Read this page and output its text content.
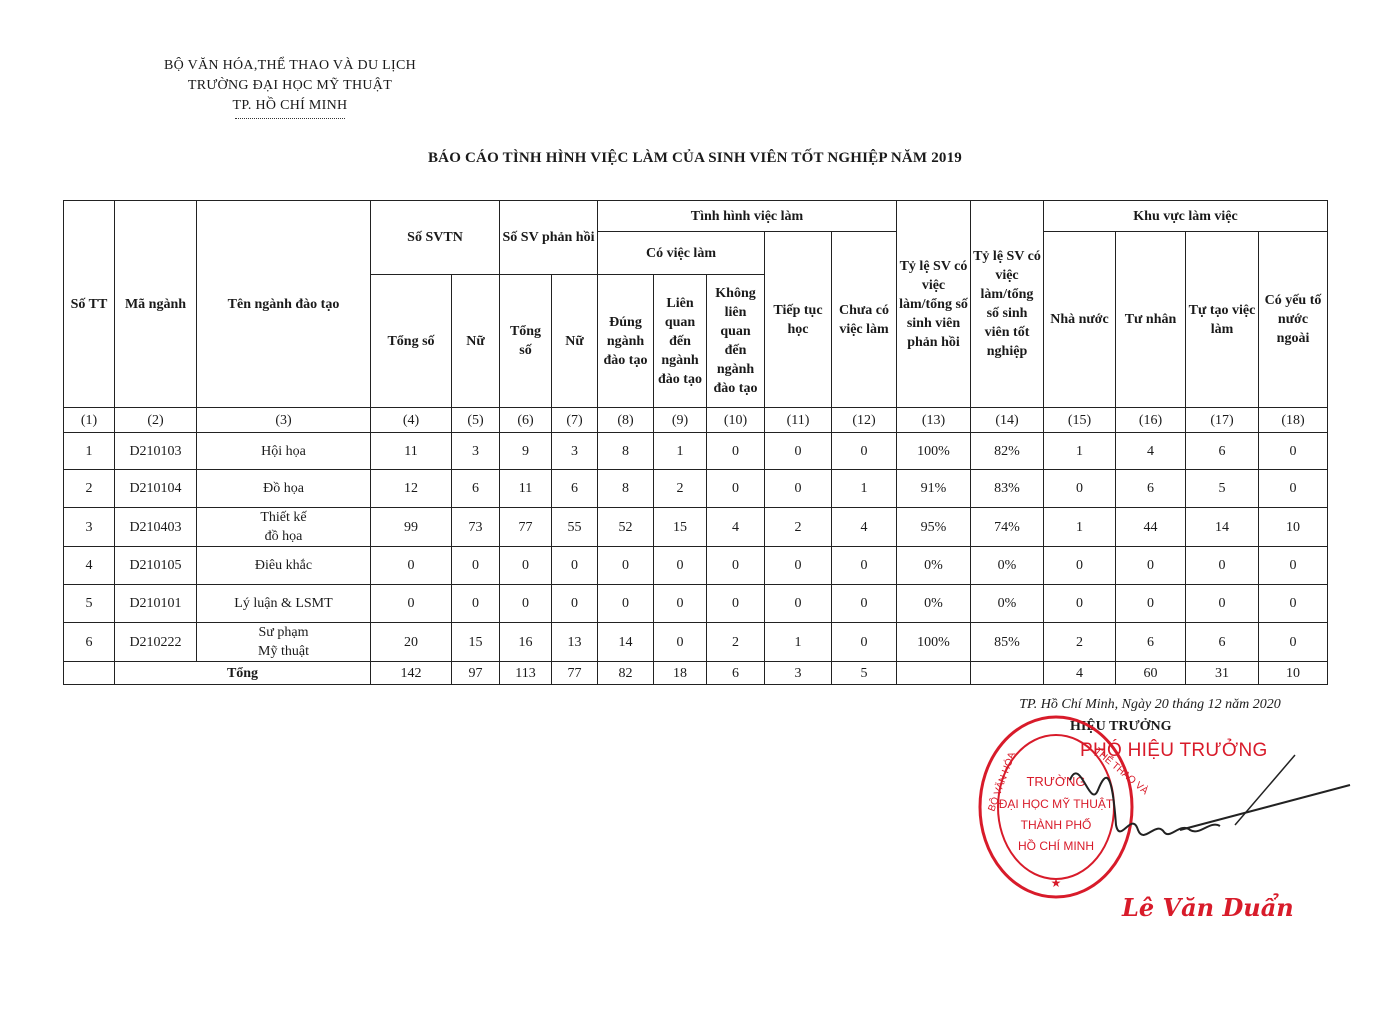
BỘ VĂN HÓA,THỂ THAO VÀ DU LỊCH
TRƯỜNG ĐẠI HỌC MỸ THUẬT
TP. HỒ CHÍ MINH
BÁO CÁO TÌNH HÌNH VIỆC LÀM CỦA SINH VIÊN TỐT NGHIỆP NĂM 2019
Số TT	Mã ngành	Tên ngành đào tạo	Số SVTN		Số SV phản hồi		Tình hình việc làm					Tỷ lệ SV có việc làm/tổng số sinh viên phản hồi	Tỷ lệ SV có việc làm/tổng số sinh viên tốt nghiệp	Khu vực làm việc			
							Có việc làm			Tiếp tục học	Chưa có việc làm			Nhà nước	Tư nhân	Tự tạo việc làm	Có yếu tố nước ngoài
			Tổng số	Nữ	Tổng số	Nữ	Đúng ngành đào tạo	Liên quan đến ngành đào tạo	Không liên quan đến ngành đào tạo								
(1)	(2)	(3)	(4)	(5)	(6)	(7)	(8)	(9)	(10)	(11)	(12)	(13)	(14)	(15)	(16)	(17)	(18)
1	D210103	Hội họa	11	3	9	3	8	1	0	0	0	100%	82%	1	4	6	0
2	D210104	Đồ họa	12	6	11	6	8	2	0	0	1	91%	83%	0	6	5	0
3	D210403	Thiết kế
đồ họa	99	73	77	55	52	15	4	2	4	95%	74%	1	44	14	10
4	D210105	Điêu khắc	0	0	0	0	0	0	0	0	0	0%	0%	0	0	0	0
5	D210101	Lý luận & LSMT	0	0	0	0	0	0	0	0	0	0%	0%	0	0	0	0
6	D210222	Sư phạm
Mỹ thuật	20	15	16	13	14	0	2	1	0	100%	85%	2	6	6	0
	Tổng		142	97	113	77	82	18	6	3	5			4	60	31	10
TP. Hồ Chí Minh, Ngày 20 tháng 12 năm 2020
HIỆU TRƯỞNG
TRƯỜNG
ĐẠI HỌC MỸ THUẬT
THÀNH PHỐ
HỒ CHÍ MINH
★
BỘ VĂN HÓA	THỂ THAO VÀ
PHÓ HIỆU TRƯỞNG
Lê Văn Duẩn
